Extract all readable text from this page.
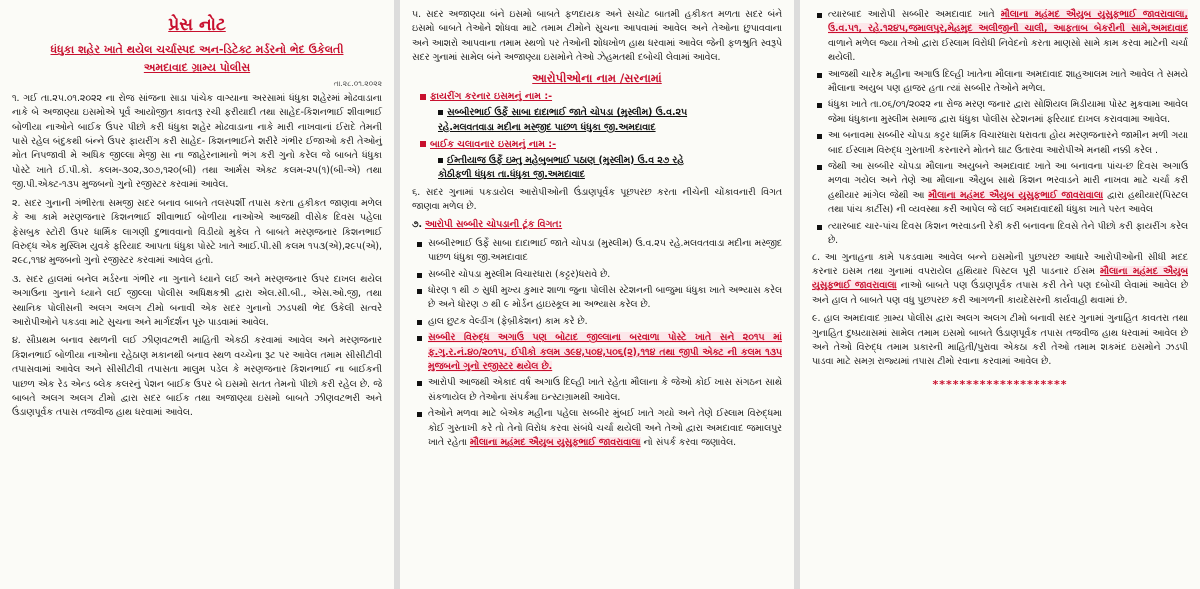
પ્રેસ નોટ
ધંધુકા શહેર ખાતે થયેલ ચર્ચાસ્પદ અન-ડિટેક્ટ મર્ડરનો ભેદ ઉકેલતી
અમદાવાદ ગ્રામ્ય પોલીસ
તા.૨૮.૦૧.૨૦૨૨

૧. ગઈ તા.૨૫.૦૧.૨૦૨૨ ના રોજ સાંજના સાડા પાંચેક વાગ્યાના અરસામાં ધંધુકા શહેરમાં મોઢવાડાના નાકે બે અજાણ્યા ઇસમોએ પૂર્વ આયોજીત કાવતરૂ રચી ફરીયાદી તથા સાહેદ-કિશનભાઈ શીવાભાઈ બોળીયા નાઓને બાઈક ઉપર પીછો કરી ધંધુકા શહેર મોઢવાડાના નાકે મારી નાખવાનાં ઈરાદે તેમની પાસે રહેલ બંદુકથી બંન્ને ઉપર ફાયરીંગ કરી સાહેદ- કિશનભાઈને શરીરે ગંભીર ઈજાઓ કરી તેઓનું મોત નિપજાવી મે અધિક જીલ્લા મેજી સા ના જાહેરનામાનો ભંગ કરી ગુનો કરેલ જે બાબતે ધંધુકા પોસ્ટે ખાતે ઈ.પી.કો. કલમ-૩૦૨,૩૦૭,૧૨૦(બી) તથા આર્મસ એક્ટ કલમ-૨૫(૧)(બી-એ) તથા જી.પી.એક્ટ-૧૩૫ મુજબનો ગુનો રજીસ્ટર કરવામાં આવેલ.

૨. સદર ગુનાની ગંભીરતા સમજી સદર બનાવ બાબતે તલસ્પર્શી તપાસ કરતા હકીકત જાણવા મળેલ કે આ કામે મરણજનાર કિશનભાઈ શીવાભાઈ બોળીયા નાઓએ આજથી વીસેક દિવસ પહેલા ફેસબુક સ્ટોરી ઉપર ધાર્મિક લાગણી દુભાવવાનો વિડીયો મુકેલ તે બાબતે મરણજનાર કિશનભાઈ વિરુદ્ધ એક મુસ્લિમ યુવકે ફરિયાદ આપતા ધંધુકા પોસ્ટે ખાતે આઈ.પી.સી કલમ ૧૫૩(એ),૨૯૫(એ), ૨૯૮,૧૧૪ મુજબનો ગુનો રજીસ્ટર કરવામાં આવેલ હતો.

૩. સદર હાલમાં બનેલ મર્ડરના ગંભીર ના ગુનાને ધ્યાને લઈ અને મરણજનાર ઉપર દાખલ થયેલ અગાઉના ગુનાને ધ્યાને લઈ જીલ્લા પોલીસ અધિક્ષકશ્રી દ્વારા એલ.સી.બી., એસ.ઓ.જી, તથા સ્થાનિક પોલીસની અલગ અલગ ટીમો બનાવી એક સદર ગુનાનો ઝડપથી ભેદ ઉકેલી સત્વરે આરોપીઓને પકડવા માટે સુચના અને માર્ગદર્શન પૂરુ પાડવામાં આવેલ.

૪. સૌપ્રથમ બનાવ સ્થળની લઈ ઝીણવટભરી માહિતી એકઠી કરવામાં આવેલ અને મરણજનાર કિશનભાઈ બોળીયા નાઓના રહેઠાણ મકાનથી બનાવ સ્થળ વચ્ચેના રૂટ પર આવેલ તમામ સીસીટીવી તપાસવામાં આવેલ અને સીસીટીવી તપાસતા માલુમ પડેલ કે મરણજનાર કિશનભાઈ ના બાઈકની પાછળ એક રેડ એન્ડ બ્લેક કલરનું પેશન બાઈક ઉપર બે ઇસમો સતત તેમનો પીછો કરી રહેલ છે. જે બાબતે અલગ અલગ ટીમો દ્વારા સદર બાઈક તથા અજાણ્યા ઇસમો બાબતે ઝીણવટભરી અને ઉંડાણપૂર્વક તપાસ તજવીજ હાથ ધરવામાં આવેલ.

૫. સદર અજાણ્યા બંને ઇસમો બાબતે ફળદાયક અને સચોટ બાતમી હકીકત મળતા સદર બંને ઇસમો બાબતે તેઓને શોધવા માટે તમામ ટીમોને સુચના આપવામાં આવેલ અને તેઓના છુપાવવાના અને આશરો આપવાના તમામ સ્થળો પર તેઓની શોધખોળ હાથ ધરવામાં આવેલ જેની ફળશ્રુતિ સ્વરૂપે સદર ગુનામાં સામેલ બંને અજાણ્યા ઇસમોને તેઓ ઝેહમતથી દબોચી લેવામાં આવેલ.

આરોપીઓના નામ /સરનામાં
ફાયરીંગ કરનાર ઇસમનું નામ :-
સબ્બીરભાઈ ઉર્ફે સાબા દાદાભાઈ જાતે ચોપડા (મુસ્લીમ) ઉ.વ.૨૫
રહે.મલવતવાડા મદીના મસ્જીદ પાછળ ધંધુકા જી.અમદાવાદ
બાઈક ચલાવનાર ઇસમનું નામ :-
ઈમ્તીયાજ ઉર્ફે ઇમ્તુ મહેબુબભાઈ પઠાણ (મુસ્લીમ) ઉ.વ ૨૭ રહે
કોઠીફળી ધંધુકા તા.ધંધુકા જી.અમદાવાદ

૬. સદર ગુનામાં પકડાયેલ આરોપીઓની ઉંડાણપૂર્વક પૂછપરછ કરતા નીચેની ચોંકાવનારી વિગત જાણવા મળેલ છે.

૭. આરોપી સબ્બીર ચોપડાની ટૂંક વિગત:

સબ્બીરભાઈ ઉર્ફે સાબા દાદાભાઈ જાતે ચોપડા (મુસ્લીમ) ઉ.વ.૨૫ રહે.મલવતવાડા મદીના મસ્જીદ પાછળ ધંધુકા જી.અમદાવાદ
સબ્બીર ચોપડા મુસ્લીમ વિચારધારા (કટ્ટર)ધરાવે છે.
ધોરણ ૧ થી ૭ સુધી મુખ્ય કુમાર શાળા જુના પોલીસ સ્ટેશનની બાજુમા ધંધુકા ખાતે અભ્યાસ કરેલ છે અને ધોરણ ૭ થી ૯ મોર્ડન હાઇસ્કૂલ મા અભ્યાસ કરેલ છે.
હાલ છુટક વેલ્ડીંગ (ફેબ્રીકેશન) કામ કરે છે.
સબ્બીર વિરુદ્ધ અગાઉ પણ બોટાદ જીલ્લાના બરવાળા પોસ્ટે ખાતે સને ૨૦૧૫ માં ફ.ગુ.ર.નં.૪૦/૨૦૧૫, ઈપીકો કલમ ૩૯૪,૫૦૪,૫૦૬(૨),૧૧૪ તથા જીપી એક્ટ ની કલમ ૧૩૫ મુજબનો ગુનો રજીસ્ટર થયેલ છે.
આરોપી આજથી એકાદ વર્ષ અગાઉ દિલ્હી ખાતે રહેતા મૌલાના કે જેઓ કોઈ ખાસ સંગઠન સાથે સંકળાયેલ છે તેઓના સંપર્કમા ઇન્સ્ટાગ્રામથી આવેલ.
તેઓને મળવા માટે બેએક મહીના પહેલા સબ્બીર મુંબઈ ખાતે ગયો અને તેણે ઈસ્લામ વિરુદ્ધમા કોઈ ગુસ્તાખી કરે તો તેનો વિરોધ કરવા સંબંધે ચર્ચા થયેલી અને તેઓ દ્વારા અમદાવાદ જમાલપુર ખાતે રહેતા મૌલાના મહંમદ ઐયુબ યુસુફભાઈ જાવરાવાલા નો સંપર્ક કરવા જણાવેલ.
ત્યારબાદ આરોપી સબ્બીર અમદાવાદ ખાતે મૌલાના મહંમદ ઐયુબ યુસુફભાઈ જાવરાવાલા, ઉ.વ.૫૧, રહે.૧૨૪૫,જમાલપુર,મેહમુદ અલીજીની ચાલી, આફતાબ બેકરીની સામે,અમદાવાદ વાળાને મળેલ જ્યા તેઓ દ્વારા ઈસ્લામ વિરોધી નિવેદનો કરતા માણસો સામે કામ કરવા માટેની ચર્ચા થયેલી.
આજથી ચારેક મહીના અગાઉ દિલ્હી ખાતેના મૌલાના અમદાવાદ શાહઆલમ ખાતે આવેલ તે સમયે મૌલાના અયુબ પણ હાજર હતા ત્યાં સબ્બીર તેઓને મળેલ.
ધંધુકા ખાતે તા.૦૬/૦૧/૨૦૨૨ ના રોજ મરણ જનાર દ્વારા સોશિયલ મિડીયામા પોસ્ટ મુકવામા આવેલ જેમા ધંધુકાના મુસ્લીમ સમાજ દ્વારા ધંધુકા પોલીસ સ્ટેશનમાં ફરિયાદ દાખલ કરાવવામા આવેલ.
આ બનાવમા સબ્બીર ચોપડા કટ્ટર ધાર્મિક વિચારધારા ધરાવતા હોય મરણજનારને જામીન મળી ગયા બાદ ઈસ્લામ વિરુદ્ધ ગુસ્તાખી કરનારને મોતને ઘાટ ઉતારવા આરોપીએ મનથી નક્કી કરેલ .
જેથી આ સબ્બીર ચોપડા મૌલાના અયુબને અમદાવાદ ખાતે આ બનાવના પાંચ-છ દિવસ અગાઉ મળવા ગયેલ અને તેણે આ મૌલાના ઐયુબ સાથે કિશન ભરવાડને મારી નાખવા માટે ચર્ચા કરી હથીયાર માંગેલ જેથી આ મૌલાના મહંમદ ઐયુબ યુસુફભાઈ જાવરાવાલા દ્વારા હથીયાર(પિસ્ટલ તથા પાંચ કાર્ટીસ) ની વ્યવસ્થા કરી આપેલ જે લઈ અમદાવાદથી ધંધુકા ખાતે પરત આવેલ
ત્યારબાદ ચાર-પાંચ દિવસ કિશન ભરવાડની રેકી કરી બનાવના દિવસે તેને પીછો કરી ફાયરીંગ કરેલ છે.

૮. આ ગુનાહના કામે પકડવામા આવેલ બન્ને ઇસમોની પુછપરછ આધારે આરોપીઓની સીધી મદદ કરનાર ઇસમ તથા ગુનામાં વપરાયેલ હથિયાર પિસ્ટલ પૂરી પાડનાર ઈસમ મૌલાના મહંમદ ઐયુબ યુસુફભાઈ જાવરાવાલા નાઓ બાબતે પણ ઉંડાણપૂર્વક તપાસ કરી તેને પણ દબોચી લેવામાં આવેલ છે અને હાલ તે બાબતે પણ વધુ પુછપરછ કરી આગળની કાયદેસરની કાર્યવાહી થવામાં છે.

૯. હાલ અમદાવાદ ગ્રામ્ય પોલીસ દ્વારા અલગ અલગ ટીમો બનાવી સદર ગુનામાં ગુનાહિત કાવતરા તથા ગુનાહિત દુષ્પ્રયાસમાં સામેલ તમામ ઇસમો બાબતે ઉંડાણપૂર્વક તપાસ તજવીજ હાથ ધરવામાં આવેલ છે અને તેઓ વિરુદ્ધ તમામ પ્રકારની માહિતી/પુરાવા એકઠા કરી તેઓ તમામ શકમંદ ઇસમોને ઝડપી પાડવા માટે સમગ્ર રાજ્યમાં તપાસ ટીમો રવાના કરવામાં આવેલ છે.

********************
